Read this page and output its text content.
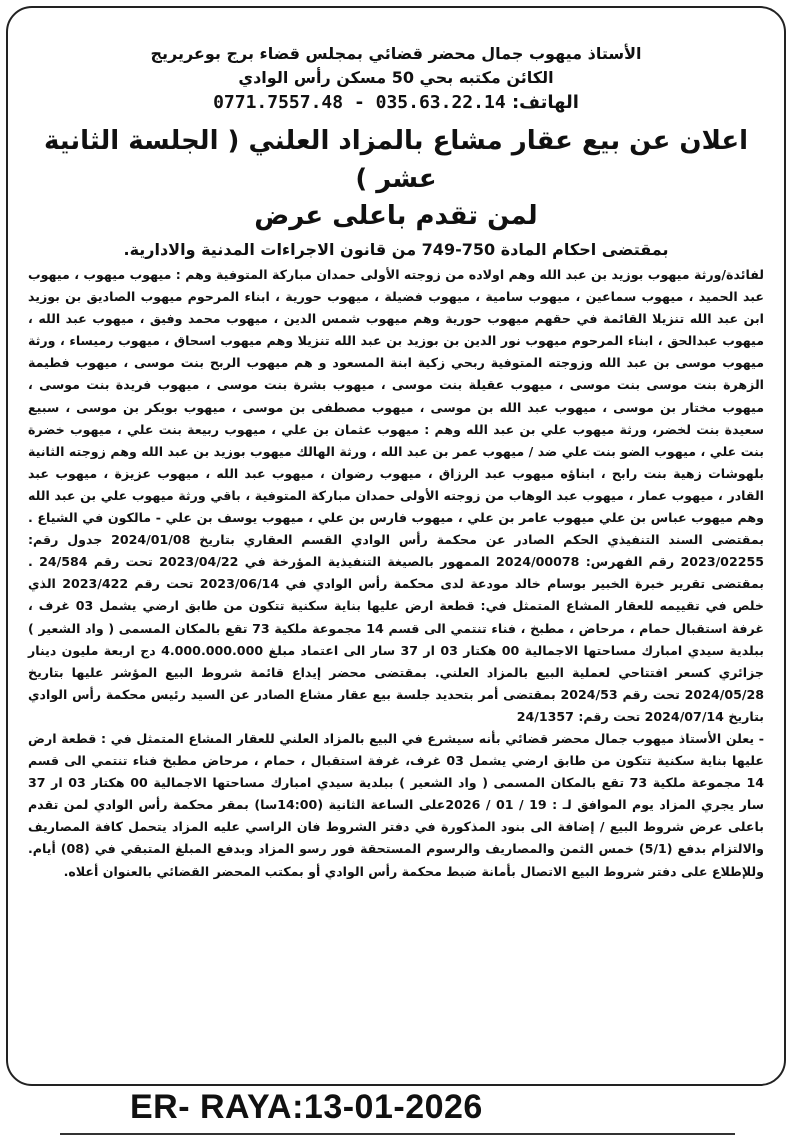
الأستاذ ميهوب جمال محضر قضائي بمجلس قضاء برج بوعريريج
الكائن مكتبه بحي 50 مسكن رأس الوادي
الهاتف: 0771.7557.48 - 035.63.22.14
اعلان عن بيع عقار مشاع بالمزاد العلني ( الجلسة الثانية عشر )
لمن تقدم باعلى عرض
بمقتضى احكام المادة 750-749 من قانون الاجراءات المدنية والادارية.

لفائدة/ورثة ميهوب بوزيد بن عبد الله وهم اولاده من زوجته الأولى حمدان مباركة المتوفية وهم : ميهوب ميهوب ، ميهوب عبد الحميد ، ميهوب سماعين ، ميهوب سامية ، ميهوب فضيلة ، ميهوب حورية ، ابناء المرحوم ميهوب الصاديق بن بوزيد ابن عبد الله تنزيلا القائمة في حقهم ميهوب حورية وهم ميهوب شمس الدين ، ميهوب محمد وفيق ، ميهوب عبد الله ، ميهوب عبدالحق ، ابناء المرحوم ميهوب نور الدين بن بوزيد بن عبد الله تنزيلا وهم ميهوب اسحاق ، ميهوب رميساء ، ورثة ميهوب موسى بن عبد الله وزوجته المتوفية ربحي زكية ابنة المسعود و هم ميهوب الربح بنت موسى ، ميهوب فطيمة الزهرة بنت موسى بنت موسى ، ميهوب عقيلة بنت موسى ، ميهوب بشرة بنت موسى ، ميهوب فريدة بنت موسى ، ميهوب مختار بن موسى ، ميهوب عبد الله بن موسى ، ميهوب مصطفى بن موسى ، ميهوب بوبكر بن موسى ، سبيع سعيدة بنت لخضر، ورثة ميهوب علي بن عبد الله وهم : ميهوب عثمان بن علي ، ميهوب ربيعة بنت علي ، ميهوب خضرة بنت علي ، ميهوب الضو بنت علي ضد / ميهوب عمر بن عبد الله ، ورثة الهالك ميهوب بوزيد بن عبد الله وهم زوجته الثانية بلهوشات زهية بنت رابح ، ابناؤه ميهوب عبد الرزاق ، ميهوب رضوان ، ميهوب عبد الله ، ميهوب عزيزة ، ميهوب عبد القادر ، ميهوب عمار ، ميهوب عبد الوهاب من زوجته الأولى حمدان مباركة المتوفية ، باقي ورثة ميهوب علي بن عبد الله وهم ميهوب عباس بن علي ميهوب عامر بن علي ، ميهوب فارس بن علي ، ميهوب يوسف بن علي - مالكون في الشياع . بمقتضى السند التنفيذي الحكم الصادر عن محكمة رأس الوادي القسم العقاري بتاريخ 2024/01/08 جدول رقم: 2023/02255 رقم الفهرس: 2024/00078 الممهور بالصيغة التنفيذية المؤرخة في 2023/04/22 تحت رقم 24/584 . بمقتضى تقرير خبرة الخبير بوسام خالد مودعة لدى محكمة رأس الوادي في 2023/06/14 تحت رقم 2023/422 الذي خلص في تقييمه للعقار المشاع المتمثل في: قطعة ارض عليها بناية سكنية تتكون من طابق ارضي يشمل 03 غرف ، غرفة استقبال حمام ، مرحاض ، مطبخ ، فناء تنتمي الى قسم 14 مجموعة ملكية 73 تقع بالمكان المسمى ( واد الشعير ) ببلدية سيدي امبارك مساحتها الاجمالية 00 هكتار 03 ار 37 سار الى اعتماد مبلغ 4.000.000.000 دج اربعة مليون دينار جزائري كسعر افتتاحي لعملية البيع بالمزاد العلني. بمقتضى محضر إيداع قائمة شروط البيع المؤشر عليها بتاريخ 2024/05/28 تحت رقم 2024/53 بمقتضى أمر بتحديد جلسة بيع عقار مشاع الصادر عن السيد رئيس محكمة رأس الوادي بتاريخ 2024/07/14 تحت رقم: 24/1357

- يعلن الأستاذ ميهوب جمال محضر قضائي بأنه سيشرع في البيع بالمزاد العلني للعقار المشاع المتمثل في : قطعة ارض عليها بناية سكنية تتكون من طابق ارضي يشمل 03 غرف، غرفة استقبال ، حمام ، مرحاض مطبخ فناء تنتمي الى قسم 14 مجموعة ملكية 73 تقع بالمكان المسمى ( واد الشعير ) ببلدية سيدي امبارك مساحتها الاجمالية 00 هكتار 03 ار 37 سار يجري المزاد يوم الموافق لـ : 19 / 01 / 2026على الساعة الثانية (14:00سا) بمقر محكمة رأس الوادي لمن تقدم باعلى عرض شروط البيع / إضافة الى بنود المذكورة في دفتر الشروط فان الراسي عليه المزاد يتحمل كافة المصاريف والالتزام بدفع (5/1) خمس الثمن والمصاريف والرسوم المستحقة فور رسو المزاد وبدفع المبلغ المتبقي في (08) أيام. وللإطلاع على دفتر شروط البيع الاتصال بأمانة ضبط محكمة رأس الوادي أو بمكتب المحضر القضائي بالعنوان أعلاه.

ER- RAYA:13-01-2026
